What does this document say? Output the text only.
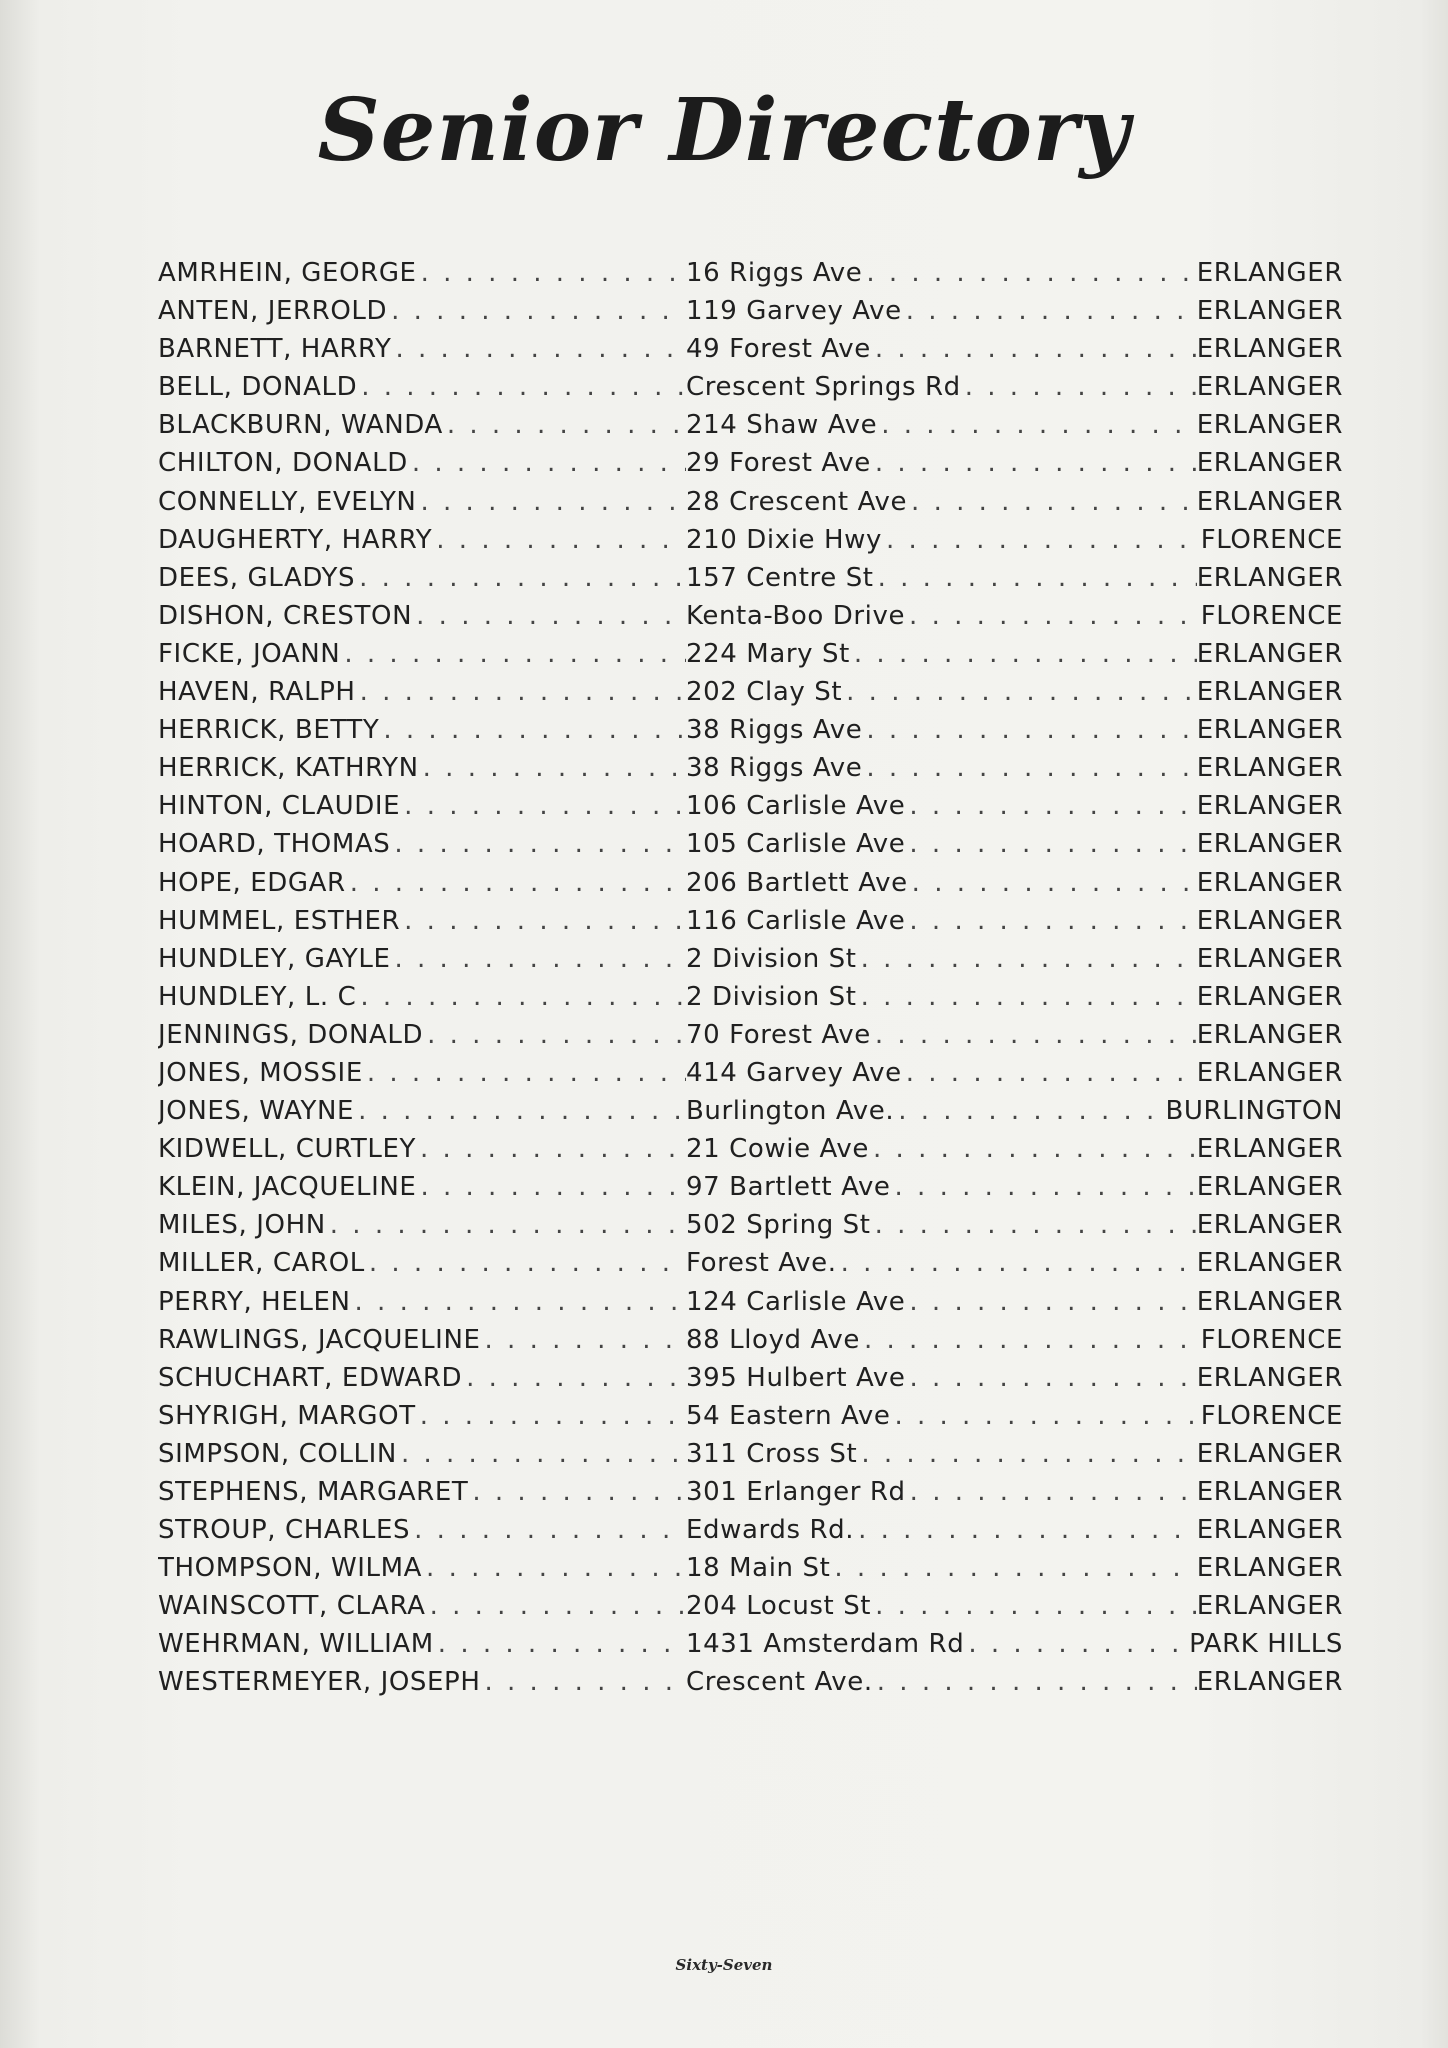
Senior Directory
AMRHEIN, GEORGE . . .	16 Riggs Ave . . .	ERLANGER
ANTEN, JERROLD . . .	119 Garvey Ave . . .	ERLANGER
BARNETT, HARRY . . .	49 Forest Ave . . .	ERLANGER
BELL, DONALD . . .	Crescent Springs Rd . . .	ERLANGER
BLACKBURN, WANDA . . .	214 Shaw Ave . . .	ERLANGER
CHILTON, DONALD . . .	29 Forest Ave . . .	ERLANGER
CONNELLY, EVELYN . . .	28 Crescent Ave . . .	ERLANGER
DAUGHERTY, HARRY . . .	210 Dixie Hwy . . .	FLORENCE
DEES, GLADYS . . .	157 Centre St . . .	ERLANGER
DISHON, CRESTON . . .	Kenta-Boo Drive . . .	FLORENCE
FICKE, JOANN . . .	224 Mary St . . .	ERLANGER
HAVEN, RALPH . . .	202 Clay St . . .	ERLANGER
HERRICK, BETTY . . .	38 Riggs Ave . . .	ERLANGER
HERRICK, KATHRYN . . .	38 Riggs Ave . . .	ERLANGER
HINTON, CLAUDIE . . .	106 Carlisle Ave . . .	ERLANGER
HOARD, THOMAS . . .	105 Carlisle Ave . . .	ERLANGER
HOPE, EDGAR . . .	206 Bartlett Ave . . .	ERLANGER
HUMMEL, ESTHER . . .	116 Carlisle Ave . . .	ERLANGER
HUNDLEY, GAYLE . . .	2 Division St . . .	ERLANGER
HUNDLEY, L. C . . .	2 Division St . . .	ERLANGER
JENNINGS, DONALD . . .	70 Forest Ave . . .	ERLANGER
JONES, MOSSIE . . .	414 Garvey Ave . . .	ERLANGER
JONES, WAYNE . . .	Burlington Ave. . . .	BURLINGTON
KIDWELL, CURTLEY . . .	21 Cowie Ave . . .	ERLANGER
KLEIN, JACQUELINE . . .	97 Bartlett Ave . . .	ERLANGER
MILES, JOHN . . .	502 Spring St . . .	ERLANGER
MILLER, CAROL . . .	Forest Ave. . . .	ERLANGER
PERRY, HELEN . . .	124 Carlisle Ave . . .	ERLANGER
RAWLINGS, JACQUELINE . . .	88 Lloyd Ave . . .	FLORENCE
SCHUCHART, EDWARD . . .	395 Hulbert Ave . . .	ERLANGER
SHYRIGH, MARGOT . . .	54 Eastern Ave . . .	FLORENCE
SIMPSON, COLLIN . . .	311 Cross St . . .	ERLANGER
STEPHENS, MARGARET . . .	301 Erlanger Rd . . .	ERLANGER
STROUP, CHARLES . . .	Edwards Rd. . . .	ERLANGER
THOMPSON, WILMA . . .	18 Main St . . .	ERLANGER
WAINSCOTT, CLARA . . .	204 Locust St . . .	ERLANGER
WEHRMAN, WILLIAM . . .	1431 Amsterdam Rd . . .	PARK HILLS
WESTERMEYER, JOSEPH . . .	Crescent Ave. . . .	ERLANGER
Sixty-Seven
